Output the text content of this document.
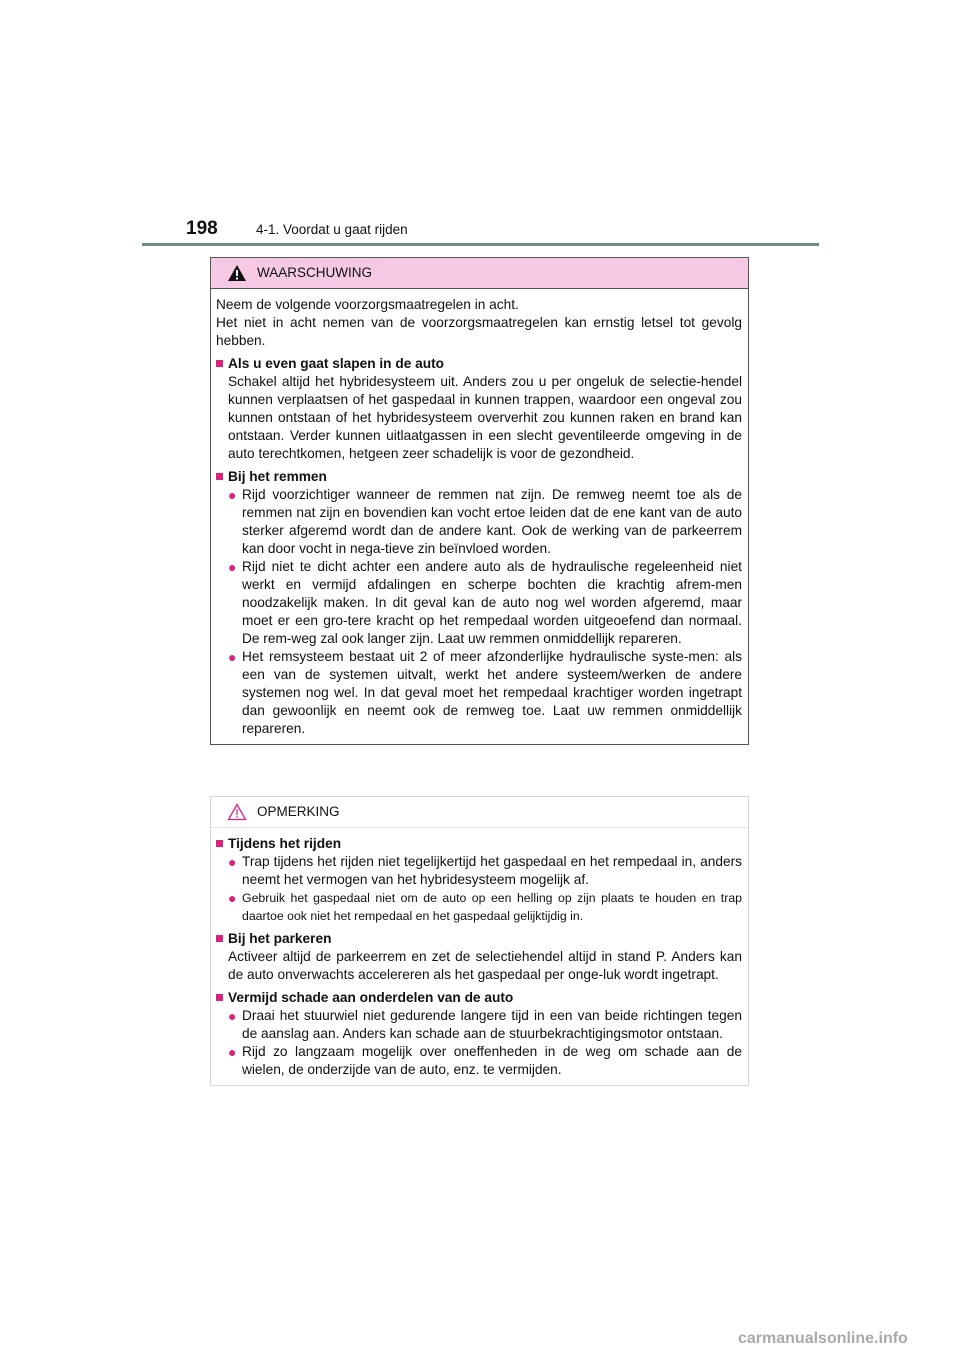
198	4-1. Voordat u gaat rijden
WAARSCHUWING
Neem de volgende voorzorgsmaatregelen in acht.
Het niet in acht nemen van de voorzorgsmaatregelen kan ernstig letsel tot gevolg hebben.
Als u even gaat slapen in de auto
Schakel altijd het hybridesysteem uit. Anders zou u per ongeluk de selectie-hendel kunnen verplaatsen of het gaspedaal in kunnen trappen, waardoor een ongeval zou kunnen ontstaan of het hybridesysteem oververhit zou kunnen raken en brand kan ontstaan. Verder kunnen uitlaatgassen in een slecht geventileerde omgeving in de auto terechtkomen, hetgeen zeer schadelijk is voor de gezondheid.
Bij het remmen
● Rijd voorzichtiger wanneer de remmen nat zijn. De remweg neemt toe als de remmen nat zijn en bovendien kan vocht ertoe leiden dat de ene kant van de auto sterker afgeremd wordt dan de andere kant. Ook de werking van de parkeerrem kan door vocht in nega-tieve zin beïnvloed worden.
● Rijd niet te dicht achter een andere auto als de hydraulische regeleenheid niet werkt en vermijd afdalingen en scherpe bochten die krachtig afrem-men noodzakelijk maken. In dit geval kan de auto nog wel worden afgeremd, maar moet er een gro-tere kracht op het rempedaal worden uitgeoefend dan normaal. De rem-weg zal ook langer zijn. Laat uw remmen onmiddellijk repareren.
● Het remsysteem bestaat uit 2 of meer afzonderlijke hydraulische syste-men: als een van de systemen uitvalt, werkt het andere systeem/werken de andere systemen nog wel. In dat geval moet het rempedaal krachtiger worden ingetrapt dan gewoonlijk en neemt ook de remweg toe. Laat uw remmen onmiddellijk repareren.
OPMERKING
Tijdens het rijden
● Trap tijdens het rijden niet tegelijkertijd het gaspedaal en het rempedaal in, anders neemt het vermogen van het hybridesysteem mogelijk af.
● Gebruik het gaspedaal niet om de auto op een helling op zijn plaats te houden en trap daartoe ook niet het rempedaal en het gaspedaal gelijktijdig in.
Bij het parkeren
Activeer altijd de parkeerrem en zet de selectiehendel altijd in stand P. Anders kan de auto onverwachts accelereren als het gaspedaal per onge-luk wordt ingetrapt.
Vermijd schade aan onderdelen van de auto
● Draai het stuurwiel niet gedurende langere tijd in een van beide richtingen tegen de aanslag aan. Anders kan schade aan de stuurbekrachtigingsmotor ontstaan.
● Rijd zo langzaam mogelijk over oneffenheden in de weg om schade aan de wielen, de onderzijde van de auto, enz. te vermijden.
carmanualsonline.info
